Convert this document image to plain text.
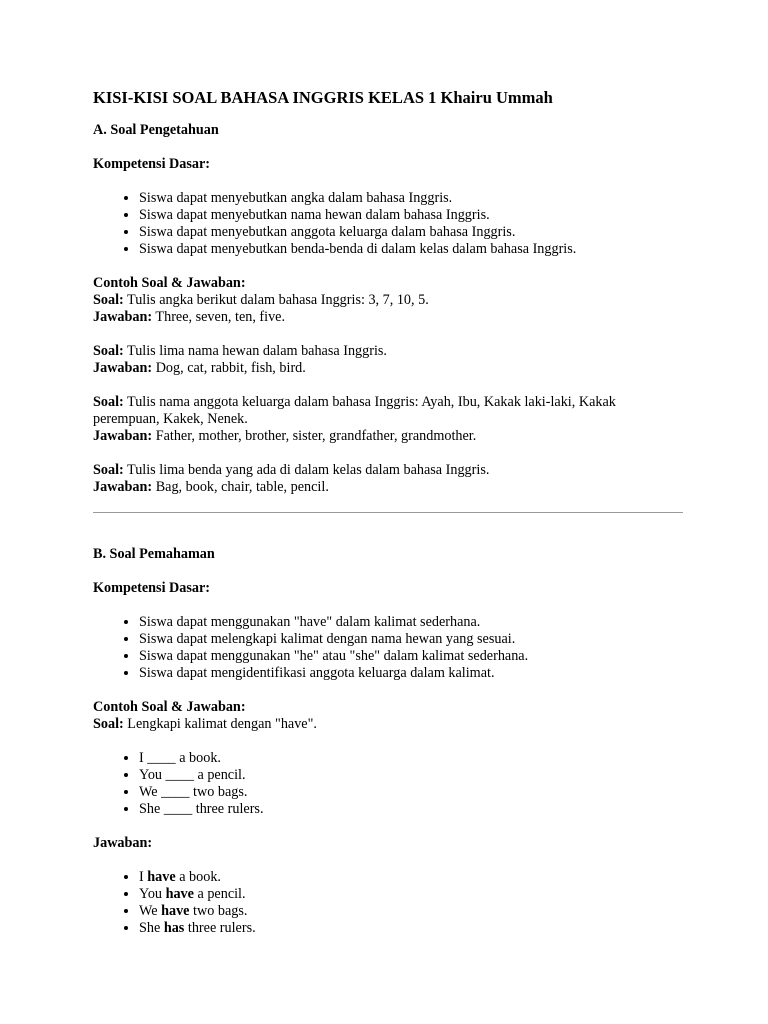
KISI-KISI SOAL BAHASA INGGRIS KELAS 1 Khairu Ummah

A. Soal Pengetahuan

Kompetensi Dasar:

• Siswa dapat menyebutkan angka dalam bahasa Inggris.
• Siswa dapat menyebutkan nama hewan dalam bahasa Inggris.
• Siswa dapat menyebutkan anggota keluarga dalam bahasa Inggris.
• Siswa dapat menyebutkan benda-benda di dalam kelas dalam bahasa Inggris.

Contoh Soal & Jawaban:

Soal: Tulis angka berikut dalam bahasa Inggris: 3, 7, 10, 5.

Jawaban: Three, seven, ten, five.

Soal: Tulis lima nama hewan dalam bahasa Inggris.

Jawaban: Dog, cat, rabbit, fish, bird.

Soal: Tulis nama anggota keluarga dalam bahasa Inggris: Ayah, Ibu, Kakak laki-laki, Kakak perempuan, Kakek, Nenek.

Jawaban: Father, mother, brother, sister, grandfather, grandmother.

Soal: Tulis lima benda yang ada di dalam kelas dalam bahasa Inggris.

Jawaban: Bag, book, chair, table, pencil.

B. Soal Pemahaman

Kompetensi Dasar:

• Siswa dapat menggunakan "have" dalam kalimat sederhana.
• Siswa dapat melengkapi kalimat dengan nama hewan yang sesuai.
• Siswa dapat menggunakan "he" atau "she" dalam kalimat sederhana.
• Siswa dapat mengidentifikasi anggota keluarga dalam kalimat.

Contoh Soal & Jawaban:

Soal: Lengkapi kalimat dengan "have".

• I ____ a book.
• You ____ a pencil.
• We ____ two bags.
• She ____ three rulers.

Jawaban:

• I have a book.
• You have a pencil.
• We have two bags.
• She has three rulers.
